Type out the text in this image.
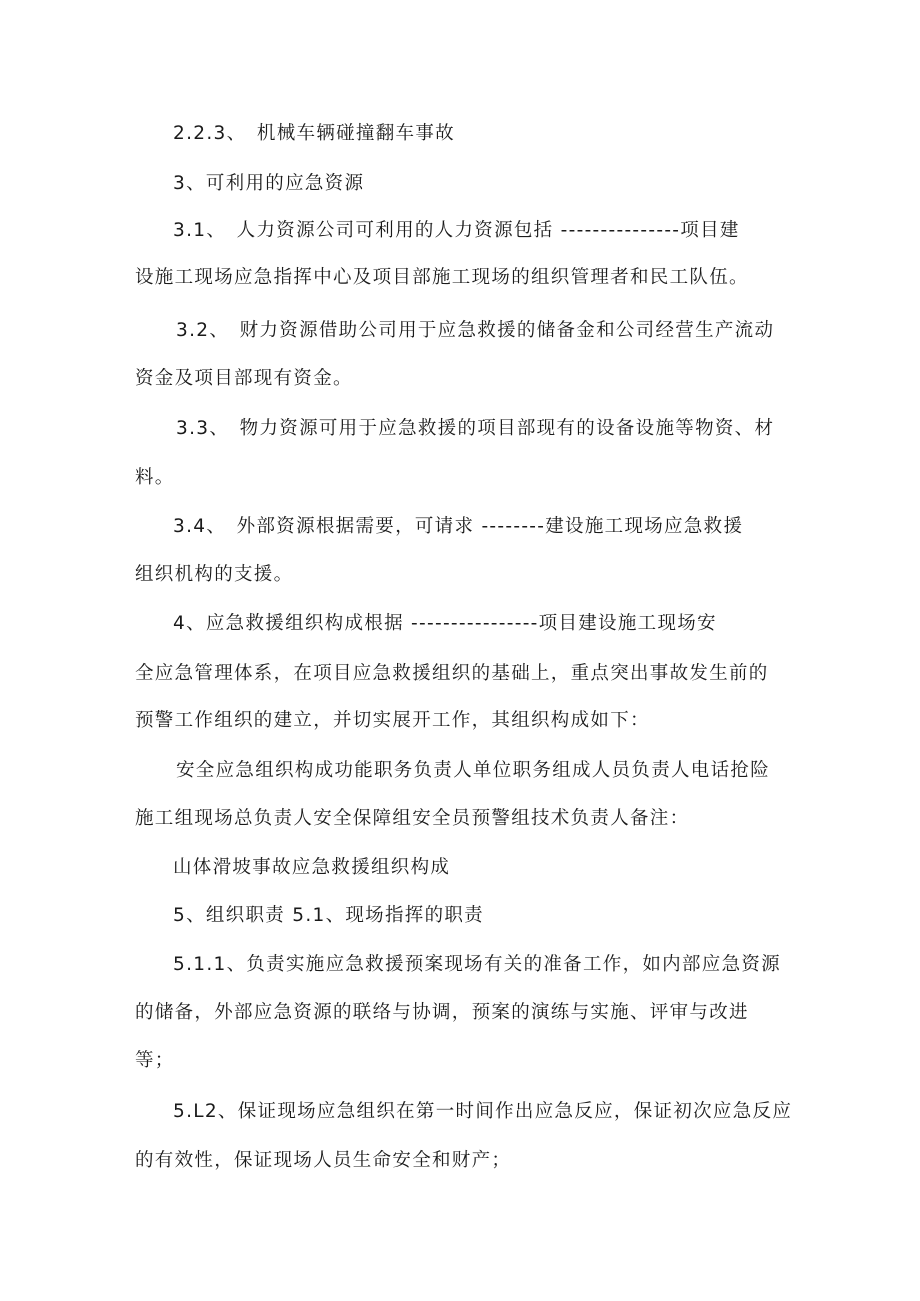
2.2.3、　机械车辆碰撞翻车事故
3、可利用的应急资源
3.1、　人力资源公司可利用的人力资源包括 ---------------项目建
设施工现场应急指挥中心及项目部施工现场的组织管理者和民工队伍。
3.2、　财力资源借助公司用于应急救援的储备金和公司经营生产流动
资金及项目部现有资金。
3.3、　物力资源可用于应急救援的项目部现有的设备设施等物资、材
料。
3.4、　外部资源根据需要，可请求 --------建设施工现场应急救援
组织机构的支援。
4、应急救援组织构成根据 ----------------项目建设施工现场安
全应急管理体系，在项目应急救援组织的基础上，重点突出事故发生前的
预警工作组织的建立，并切实展开工作，其组织构成如下：
安全应急组织构成功能职务负责人单位职务组成人员负责人电话抢险
施工组现场总负责人安全保障组安全员预警组技术负责人备注：
山体滑坡事故应急救援组织构成
5、组织职责 5.1、现场指挥的职责
5.1.1、负责实施应急救援预案现场有关的准备工作，如内部应急资源
的储备，外部应急资源的联络与协调，预案的演练与实施、评审与改进
等；
5.L2、保证现场应急组织在第一时间作出应急反应，保证初次应急反应
的有效性，保证现场人员生命安全和财产；
